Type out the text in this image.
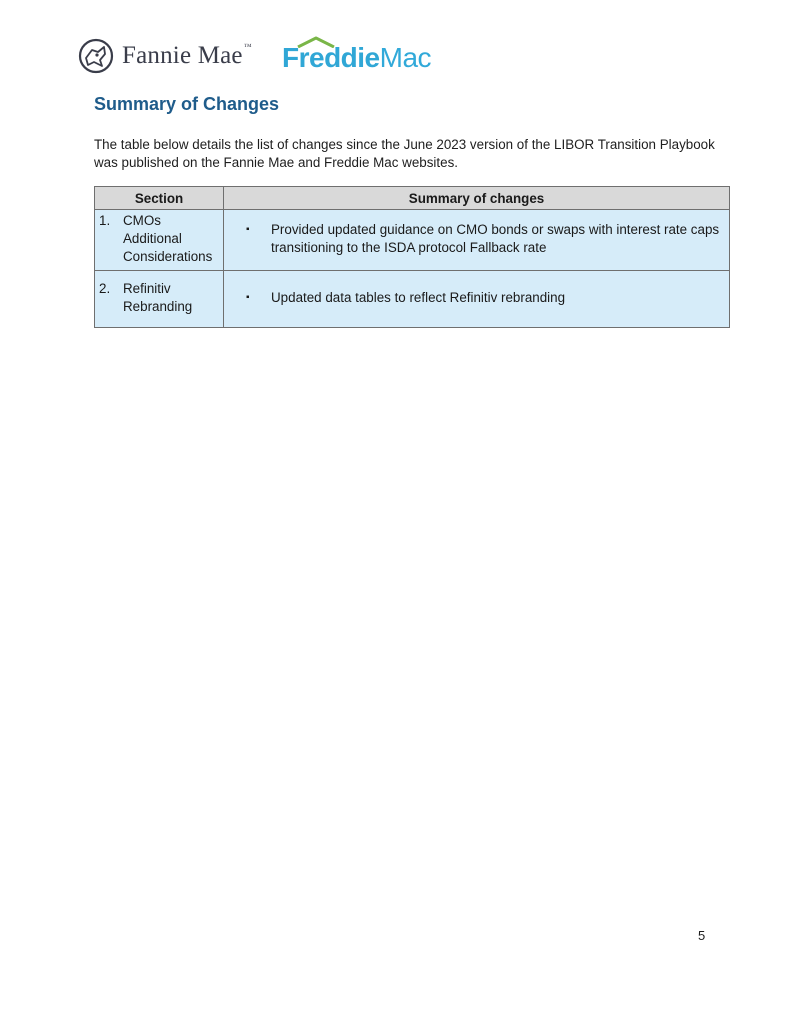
Fannie Mae™ FreddieMac
Summary of Changes
The table below details the list of changes since the June 2023 version of the LIBOR Transition Playbook was published on the Fannie Mae and Freddie Mac websites.
Section	Summary of changes

1. CMOs Additional Considerations	▪ Provided updated guidance on CMO bonds or swaps with interest rate caps transitioning to the ISDA protocol Fallback rate

2. Refinitiv Rebranding	▪ Updated data tables to reflect Refinitiv rebranding
5
